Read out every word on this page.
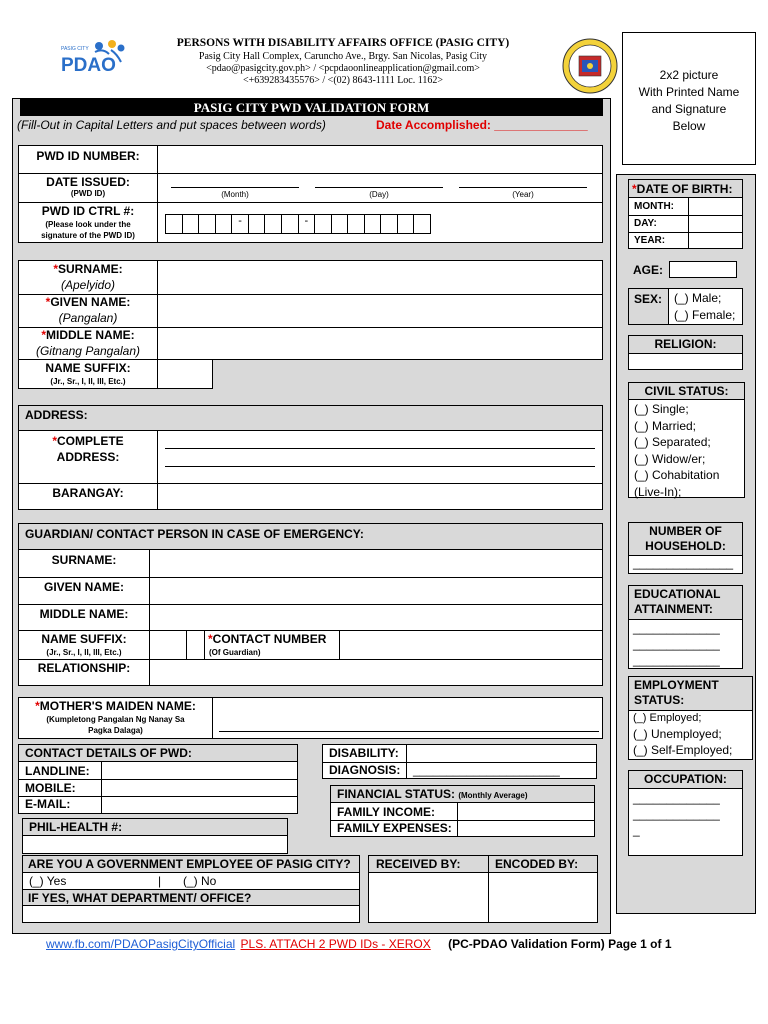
PDAO
PASIG CITY	PERSONS WITH DISABILITY AFFAIRS OFFICE (PASIG CITY)
Pasig City Hall Complex, Caruncho Ave., Brgy. San Nicolas, Pasig City
<pdao@pasigcity.gov.ph> / <pcpdaoonlineapplication@gmail.com>
<+639283435576> / <(02) 8643-1111 Loc. 1162>	2x2 picture
With Printed Name
and Signature
Below
PASIG CITY PWD VALIDATION FORM
(Fill-Out in Capital Letters and put spaces between words)	Date Accomplished: ______________
PWD ID NUMBER:
DATE ISSUED:
(PWD ID)	(Month)	(Day)	(Year)
PWD ID CTRL #:
(Please look under the
signature of the PWD ID)
-	-
*SURNAME:
(Apelyido)
*GIVEN NAME:
(Pangalan)
*MIDDLE NAME:
(Gitnang Pangalan)
NAME SUFFIX:
(Jr., Sr., I, II, III, Etc.)
ADDRESS:
*COMPLETE
ADDRESS:
BARANGAY:
GUARDIAN/ CONTACT PERSON IN CASE OF EMERGENCY:
SURNAME:
GIVEN NAME:
MIDDLE NAME:
NAME SUFFIX:
(Jr., Sr., I, II, III, Etc.)
*CONTACT NUMBER
(Of Guardian)
RELATIONSHIP:
*MOTHER'S MAIDEN NAME:
(Kumpletong Pangalan Ng Nanay Sa
Pagka Dalaga)
CONTACT DETAILS OF PWD:
LANDLINE:
MOBILE:
E-MAIL:
PHIL-HEALTH #:
DISABILITY:
DIAGNOSIS: ______________________
FINANCIAL STATUS: (Monthly Average)
FAMILY INCOME:
FAMILY EXPENSES:
ARE YOU A GOVERNMENT EMPLOYEE OF PASIG CITY?
(_) Yes	| (_) No
IF YES, WHAT DEPARTMENT/ OFFICE?
RECEIVED BY:	ENCODED BY:
*DATE OF BIRTH:
MONTH:
DAY:
YEAR:
AGE:
SEX: (_) Male;
(_) Female;
RELIGION:
CIVIL STATUS:
(_) Single;
(_) Married;
(_) Separated;
(_) Widow/er;
(_) Cohabitation
(Live-In);
NUMBER OF
HOUSEHOLD:
_______________
EDUCATIONAL
ATTAINMENT:
_____________
_____________
_____________
EMPLOYMENT
STATUS:
(_) Employed;
(_) Unemployed;
(_) Self-Employed;
OCCUPATION:
_____________
_____________
_
www.fb.com/PDAOPasigCityOfficial PLS. ATTACH 2 PWD IDs - XEROX (PC-PDAO Validation Form) Page 1 of 1
